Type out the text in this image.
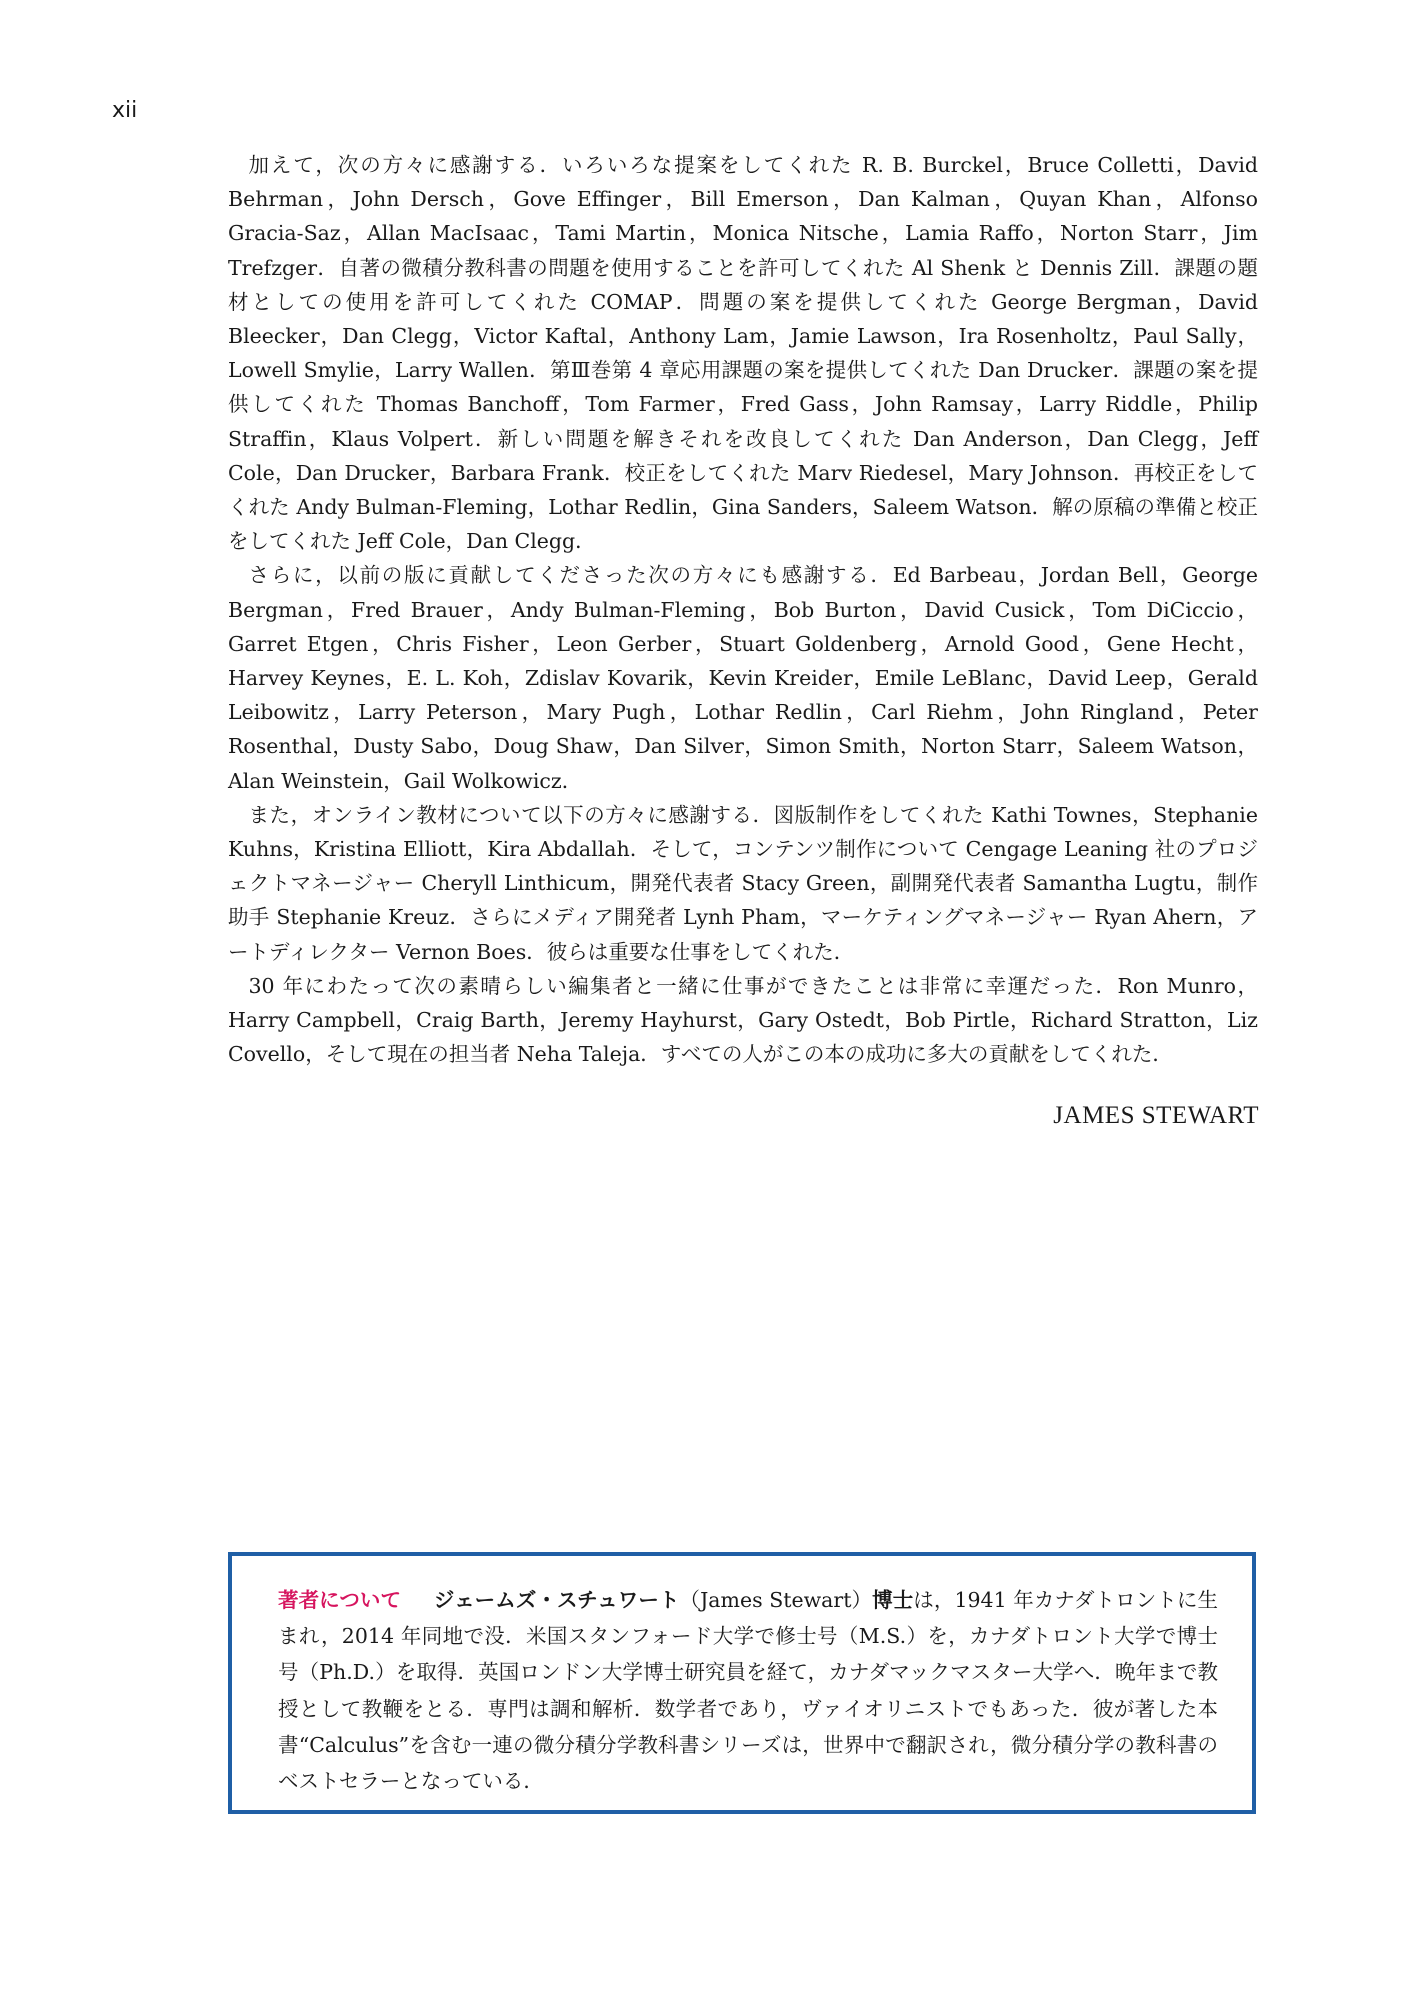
xii

加えて，次の方々に感謝する．いろいろな提案をしてくれた R. B. Burckel，Bruce Colletti，David Behrman，John Dersch，Gove Effinger，Bill Emerson，Dan Kalman，Quyan Khan，Alfonso Gracia-Saz，Allan MacIsaac，Tami Martin，Monica Nitsche，Lamia Raffo，Norton Starr，Jim Trefzger．自著の微積分教科書の問題を使用することを許可してくれた Al Shenk と Dennis Zill．課題の題材としての使用を許可してくれた COMAP．問題の案を提供してくれた George Bergman，David Bleecker，Dan Clegg，Victor Kaftal，Anthony Lam，Jamie Lawson，Ira Rosenholtz，Paul Sally，Lowell Smylie，Larry Wallen．第Ⅲ巻第 4 章応用課題の案を提供してくれた Dan Drucker．課題の案を提供してくれた Thomas Banchoff，Tom Farmer，Fred Gass，John Ramsay，Larry Riddle，Philip Straffin，Klaus Volpert．新しい問題を解きそれを改良してくれた Dan Anderson，Dan Clegg，Jeff Cole，Dan Drucker，Barbara Frank．校正をしてくれた Marv Riedesel，Mary Johnson．再校正をしてくれた Andy Bulman-Fleming，Lothar Redlin，Gina Sanders，Saleem Watson．解の原稿の準備と校正をしてくれた Jeff Cole，Dan Clegg．

さらに，以前の版に貢献してくださった次の方々にも感謝する．Ed Barbeau，Jordan Bell，George Bergman，Fred Brauer，Andy Bulman-Fleming，Bob Burton，David Cusick，Tom DiCiccio，Garret Etgen，Chris Fisher，Leon Gerber，Stuart Goldenberg，Arnold Good，Gene Hecht，Harvey Keynes，E. L. Koh，Zdislav Kovarik，Kevin Kreider，Emile LeBlanc，David Leep，Gerald Leibowitz，Larry Peterson，Mary Pugh，Lothar Redlin，Carl Riehm，John Ringland，Peter Rosenthal，Dusty Sabo，Doug Shaw，Dan Silver，Simon Smith，Norton Starr，Saleem Watson，Alan Weinstein，Gail Wolkowicz．

また，オンライン教材について以下の方々に感謝する．図版制作をしてくれた Kathi Townes，Stephanie Kuhns，Kristina Elliott，Kira Abdallah．そして，コンテンツ制作について Cengage Leaning 社のプロジェクトマネージャー Cheryll Linthicum，開発代表者 Stacy Green，副開発代表者 Samantha Lugtu，制作助手 Stephanie Kreuz．さらにメディア開発者 Lynh Pham，マーケティングマネージャー Ryan Ahern，アートディレクター Vernon Boes．彼らは重要な仕事をしてくれた．

30 年にわたって次の素晴らしい編集者と一緒に仕事ができたことは非常に幸運だった．Ron Munro，Harry Campbell，Craig Barth，Jeremy Hayhurst，Gary Ostedt，Bob Pirtle，Richard Stratton，Liz Covello，そして現在の担当者 Neha Taleja．すべての人がこの本の成功に多大の貢献をしてくれた．

JAMES STEWART
著者について ジェームズ・スチュワート（James Stewart）博士は，1941 年カナダトロントに生まれ，2014 年同地で没．米国スタンフォード大学で修士号（M.S.）を，カナダトロント大学で博士号（Ph.D.）を取得．英国ロンドン大学博士研究員を経て，カナダマックマスター大学へ．晩年まで教授として教鞭をとる．専門は調和解析．数学者であり，ヴァイオリニストでもあった．彼が著した本書“Calculus”を含む一連の微分積分学教科書シリーズは，世界中で翻訳され，微分積分学の教科書のベストセラーとなっている．
